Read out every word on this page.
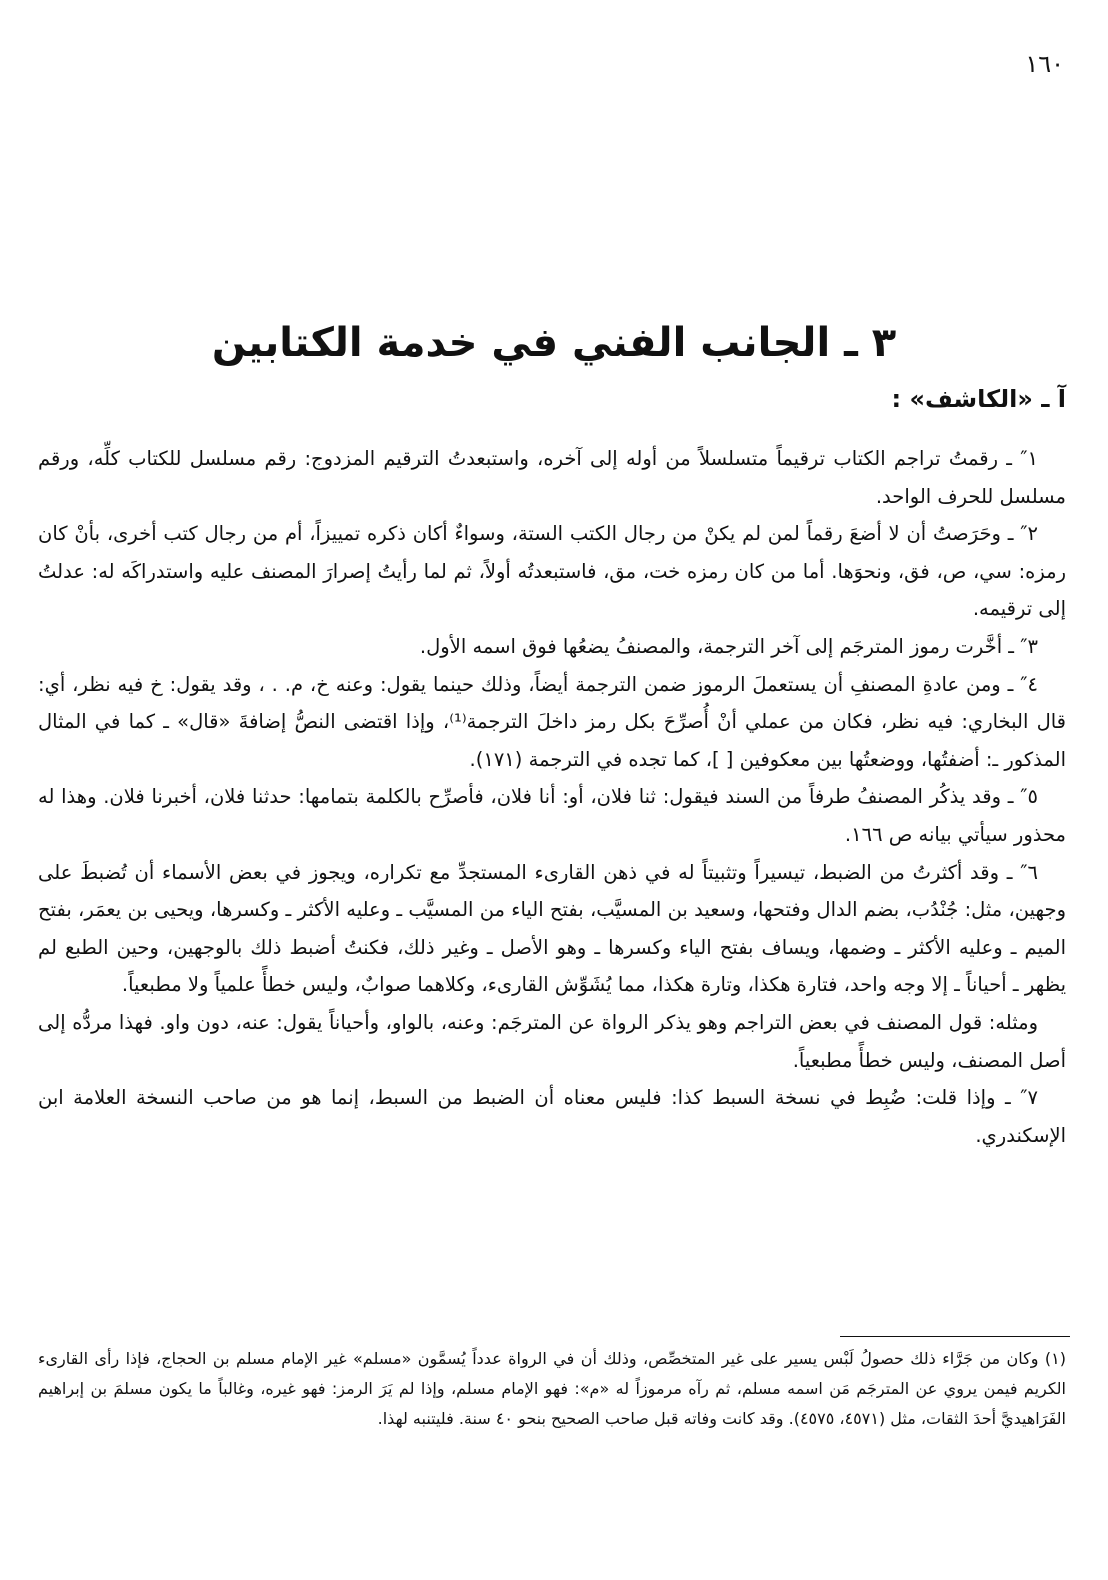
١٦٠
٣ ـ الجانب الفني في خدمة الكتابين
آ ـ «الكاشف» :

١″ ـ رقمتُ تراجم الكتاب ترقيماً متسلسلاً من أوله إلى آخره، واستبعدتُ الترقيم المزدوج: رقم مسلسل للكتاب كلِّه، ورقم مسلسل للحرف الواحد.

٢″ ـ وحَرَصتُ أن لا أضعَ رقماً لمن لم يكنْ من رجال الكتب الستة، وسواءٌ أكان ذكره تمييزاً، أم من رجال كتب أخرى، بأنْ كان رمزه: سي، ص، فق، ونحوَها. أما من كان رمزه خت، مق، فاستبعدتُه أولاً، ثم لما رأيتُ إصرارَ المصنف عليه واستدراكَه له: عدلتُ إلى ترقيمه.

٣″ ـ أخَّرت رموز المترجَم إلى آخر الترجمة، والمصنفُ يضعُها فوق اسمه الأول.

٤″ ـ ومن عادةِ المصنفِ أن يستعملَ الرموز ضمن الترجمة أيضاً، وذلك حينما يقول: وعنه خ، م. . ، وقد يقول: خ فيه نظر، أي: قال البخاري: فيه نظر، فكان من عملي أنْ أُصرِّحَ بكل رمز داخلَ الترجمة⁽¹⁾، وإذا اقتضى النصُّ إضافةَ «قال» ـ كما في المثال المذكور ـ: أضفتُها، ووضعتُها بين معكوفين [ ]، كما تجده في الترجمة (١٧١).

٥″ ـ وقد يذكُر المصنفُ طرفاً من السند فيقول: ثنا فلان، أو: أنا فلان، فأصرِّح بالكلمة بتمامها: حدثنا فلان، أخبرنا فلان. وهذا له محذور سيأتي بيانه ص ١٦٦.

٦″ ـ وقد أكثرتُ من الضبط، تيسيراً وتثبيتاً له في ذهن القارىء المستجدِّ مع تكراره، ويجوز في بعض الأسماء أن تُضبطَ على وجهين، مثل: جُنْدُب، بضم الدال وفتحها، وسعيد بن المسيَّب، بفتح الياء من المسيَّب ـ وعليه الأكثر ـ وكسرها، ويحيى بن يعمَر، بفتح الميم ـ وعليه الأكثر ـ وضمها، ويساف بفتح الياء وكسرها ـ وهو الأصل ـ وغير ذلك، فكنتُ أضبط ذلك بالوجهين، وحين الطبع لم يظهر ـ أحياناً ـ إلا وجه واحد، فتارة هكذا، وتارة هكذا، مما يُشَوِّش القارىء، وكلاهما صوابٌ، وليس خطأً علمياً ولا مطبعياً.

ومثله: قول المصنف في بعض التراجم وهو يذكر الرواة عن المترجَم: وعنه، بالواو، وأحياناً يقول: عنه، دون واو. فهذا مردُّه إلى أصل المصنف، وليس خطأً مطبعياً.

٧″ ـ وإذا قلت: ضُبِط في نسخة السبط كذا: فليس معناه أن الضبط من السبط، إنما هو من صاحب النسخة العلامة ابن الإسكندري.

(١) وكان من جَرَّاء ذلك حصولُ لَبْس يسير على غير المتخصِّص، وذلك أن في الرواة عدداً يُسمَّون «مسلم» غير الإمام مسلم بن الحجاج، فإذا رأى القارىء الكريم فيمن يروي عن المترجَم مَن اسمه مسلم، ثم رآه مرموزاً له «م»: فهو الإمام مسلم، وإذا لم يَرَ الرمز: فهو غيره، وغالباً ما يكون مسلمَ بن إبراهيم الفَرَاهيديَّ أحدَ الثقات، مثل (٤٥٧١، ٤٥٧٥). وقد كانت وفاته قبل صاحب الصحيح بنحو ٤٠ سنة. فليتنبه لهذا.
